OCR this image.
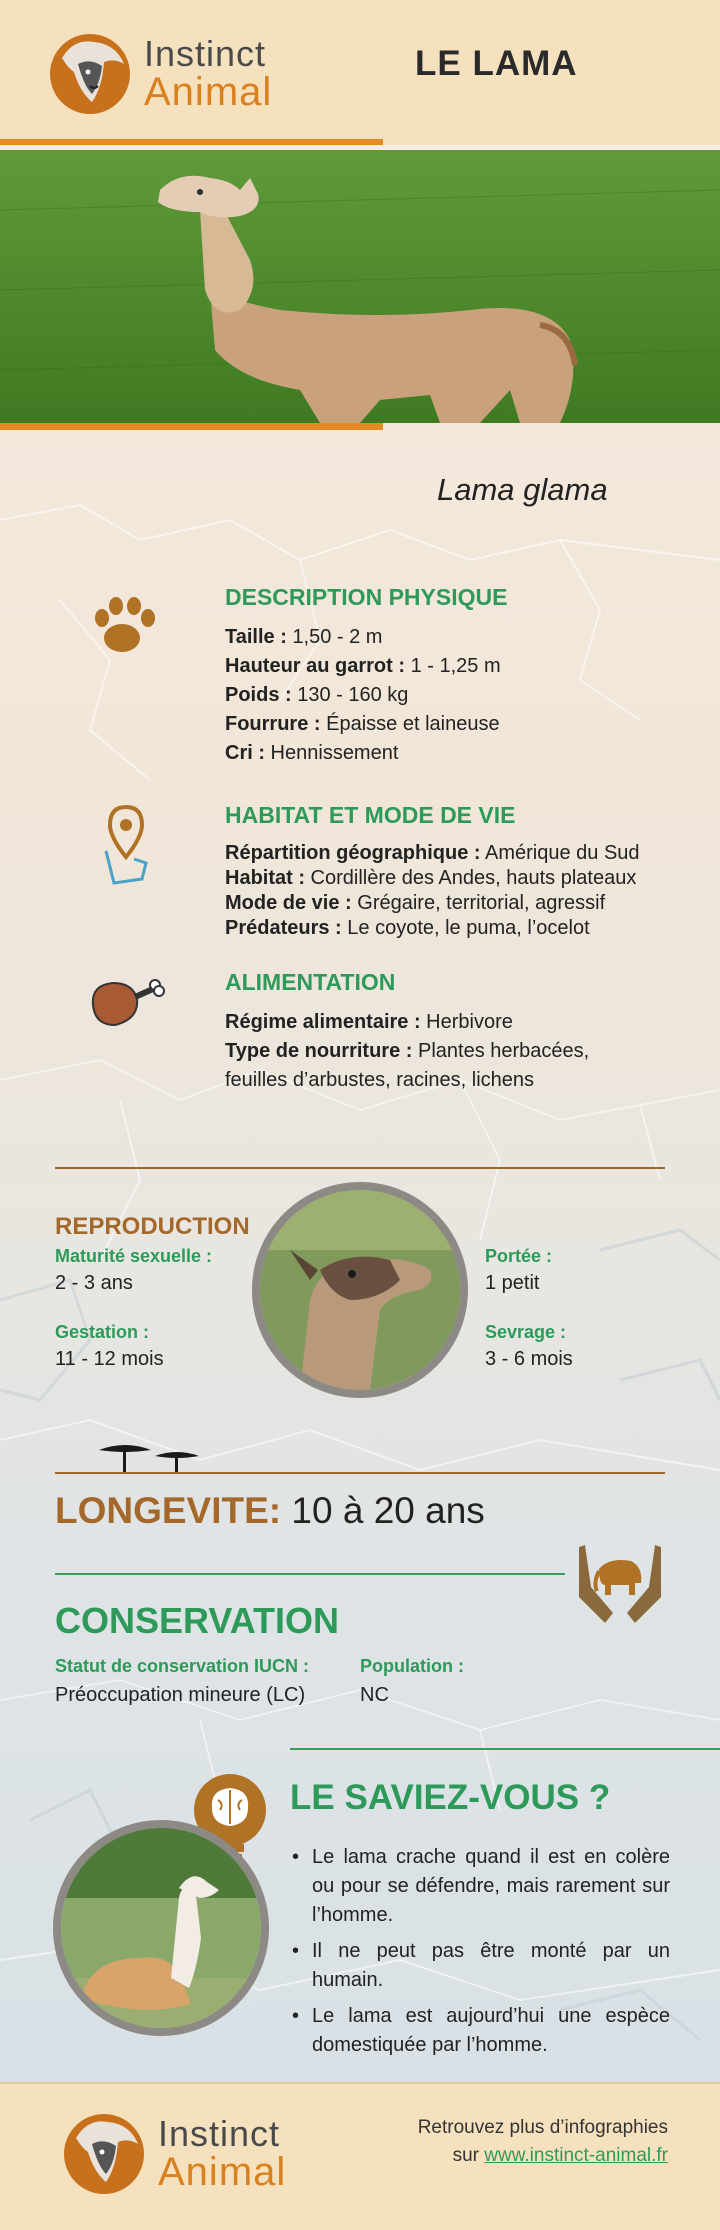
Instinct
Animal
LE LAMA
Lama glama
DESCRIPTION PHYSIQUE
Taille : 1,50 - 2 m
Hauteur au garrot : 1 - 1,25 m
Poids : 130 - 160 kg
Fourrure : Épaisse et laineuse
Cri : Hennissement
HABITAT ET MODE DE VIE
Répartition géographique : Amérique du Sud
Habitat : Cordillère des Andes, hauts plateaux
Mode de vie : Grégaire, territorial, agressif
Prédateurs : Le coyote, le puma, l’ocelot
ALIMENTATION
Régime alimentaire : Herbivore
Type de nourriture : Plantes herbacées,
feuilles d’arbustes, racines, lichens
REPRODUCTION
Maturité sexuelle :
2 - 3 ans
Gestation :
11 - 12 mois
Portée :
1 petit
Sevrage :
3 - 6 mois
LONGEVITE: 10 à 20 ans
CONSERVATION
Statut de conservation IUCN :
Préoccupation mineure (LC)
Population :
NC
LE SAVIEZ-VOUS ?
• Le lama crache quand il est en colère ou pour se défendre, mais rarement sur l’homme.
• Il ne peut pas être monté par un humain.
• Le lama est aujourd’hui une espèce domestiquée par l’homme.
Instinct
Animal
Retrouvez plus d’infographies
sur www.instinct-animal.fr
